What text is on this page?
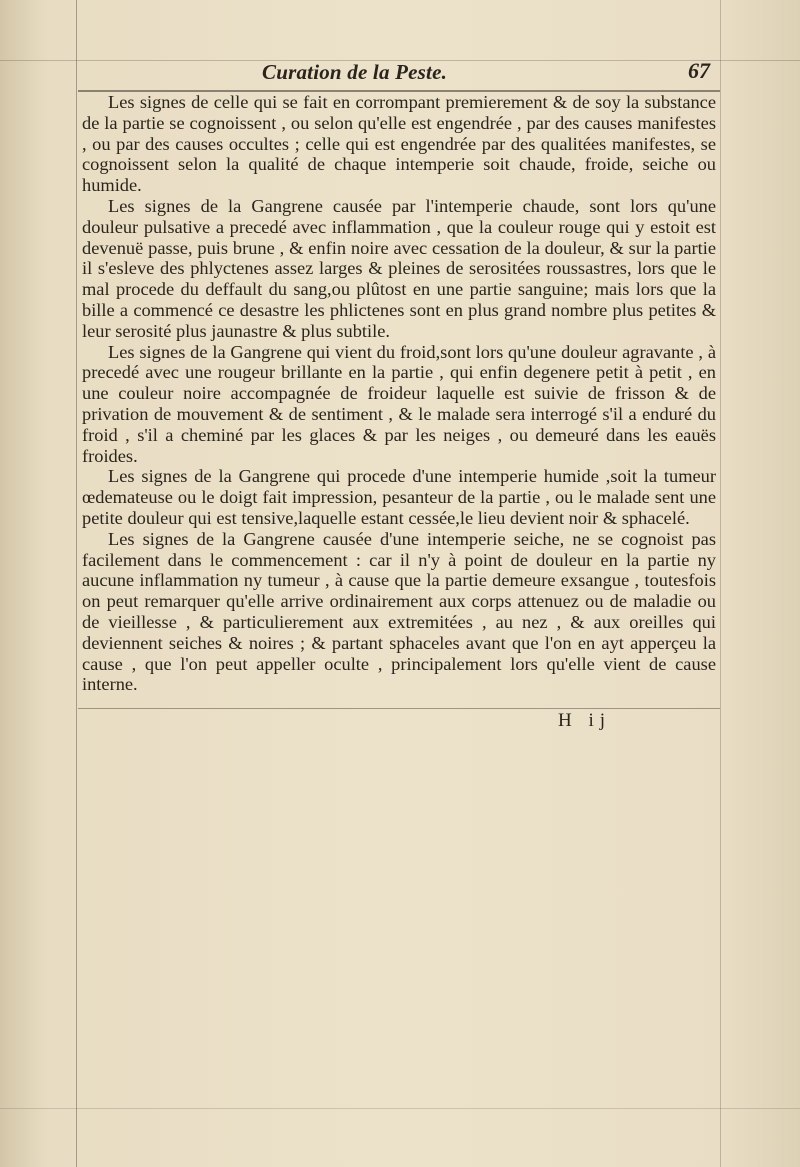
Curation de la Peste.	67

Les signes de celle qui se fait en corrompant premierement & de soy la substance de la partie se cognoissent , ou selon qu'elle est engendrée , par des causes manifestes , ou par des causes occultes ; celle qui est engendrée par des qualitées manifestes, se cognoissent selon la qualité de chaque intemperie soit chaude, froide, seiche ou humide.

Les signes de la Gangrene causée par l'intemperie chaude, sont lors qu'une douleur pulsative a precedé avec inflammation , que la couleur rouge qui y estoit est devenuë passe, puis brune , & enfin noire avec cessation de la douleur, & sur la partie il s'esleve des phlyctenes assez larges & pleines de serositées roussastres, lors que le mal procede du deffault du sang,ou plûtost en une partie sanguine; mais lors que la bille a commencé ce desastre les phlictenes sont en plus grand nombre plus petites & leur serosité plus jaunastre & plus subtile.

Les signes de la Gangrene qui vient du froid,sont lors qu'une douleur agravante , à precedé avec une rougeur brillante en la partie , qui enfin degenere petit à petit , en une couleur noire accompagnée de froideur laquelle est suivie de frisson & de privation de mouvement & de sentiment , & le malade sera interrogé s'il a enduré du froid , s'il a cheminé par les glaces & par les neiges , ou demeuré dans les eauës froides.

Les signes de la Gangrene qui procede d'une intemperie humide ,soit la tumeur œdemateuse ou le doigt fait impression, pesanteur de la partie , ou le malade sent une petite douleur qui est tensive,laquelle estant cessée,le lieu devient noir & sphacelé.

Les signes de la Gangrene causée d'une intemperie seiche, ne se cognoist pas facilement dans le commencement : car il n'y à point de douleur en la partie ny aucune inflammation ny tumeur , à cause que la partie demeure exsangue , toutesfois on peut remarquer qu'elle arrive ordinairement aux corps attenuez ou de maladie ou de vieillesse , & particulierement aux extremitées , au nez , & aux oreilles qui deviennent seiches & noires ; & partant sphaceles avant que l'on en ayt apperçeu la cause , que l'on peut appeller oculte , principalement lors qu'elle vient de cause interne.

H ij
